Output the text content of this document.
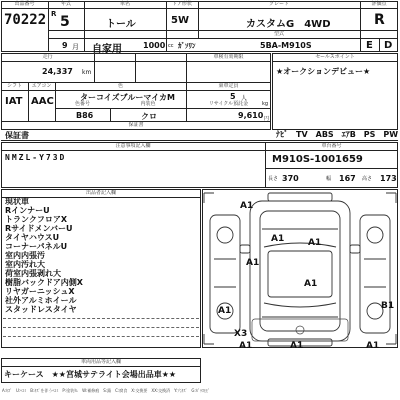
出品番号	年式	車名	ドア形状	グレード	評価点
型式
70222 R 5	トール	5W	カスタムG　4WD	R
9 月 自家用	1000 cc ｶﾞｿﾘﾝ	5BA-M910S	E D
走行	車検有効期限
24,337 km
シフト	エアコン	色	乗車定員
IAT AAC	ターコイズブルーマイカM	5 人
kg
色番号	内装色	リサイクル預託金
B86	クロ	9,610 円
保証書
保証書
セールスポイント
★オークションデビュー★
ﾅﾋﾞ　TV　ABS　ｴｱB　PS　PW
注意事項記入欄	車台番号
NMZL-Y73D	M910S-1001659
長さ 370	幅 167 高さ 173
出品者記入欄
現状車
RインナーU
トランクフロアX
RサイドメンバーU
タイヤハウスU
コーナーパネルU
室内内張汚
室内汚れ大
荷室内張剥れ大
樹脂バックドア内側X
リヤガーニッシュX
社外アルミホイール
スタッドレスタイヤ
A1
A1	A1
A1
A1
B1
A1
X3
A1	A1	A1
車両用品等記入欄
キーケース　★★宮城サテライト会場出品車★★
A:ｷｽﾞ　U:ﾍｺﾐ　B:ｷｽﾞを伴うﾍｺﾐ　P:塗装ﾀﾚ　W:補修痕　S:錆　C:腐食　X:交換要　XX:交換済　Y:穴ｷｽﾞ　G:ｶﾞﾗｽﾋﾋﾞ
